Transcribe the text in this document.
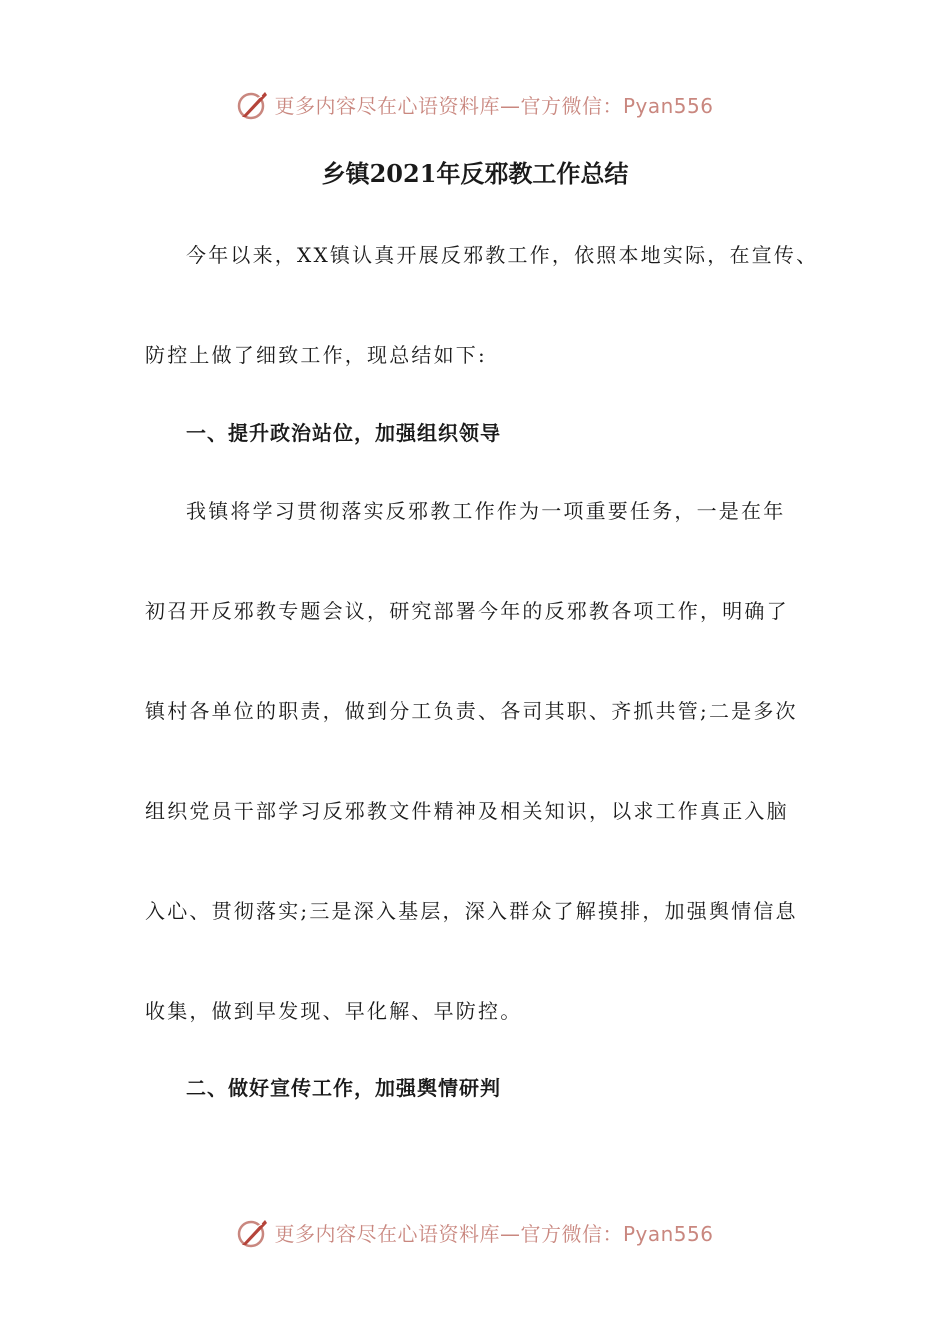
更多内容尽在心语资料库—官方微信：Pyan556
乡镇2021年反邪教工作总结

今年以来，XX镇认真开展反邪教工作，依照本地实际，在宣传、

防控上做了细致工作，现总结如下:

一、提升政治站位，加强组织领导

我镇将学习贯彻落实反邪教工作作为一项重要任务，一是在年

初召开反邪教专题会议，研究部署今年的反邪教各项工作，明确了

镇村各单位的职责，做到分工负责、各司其职、齐抓共管;二是多次

组织党员干部学习反邪教文件精神及相关知识，以求工作真正入脑

入心、贯彻落实;三是深入基层，深入群众了解摸排，加强舆情信息

收集，做到早发现、早化解、早防控。

二、做好宣传工作，加强舆情研判

更多内容尽在心语资料库—官方微信：Pyan556
